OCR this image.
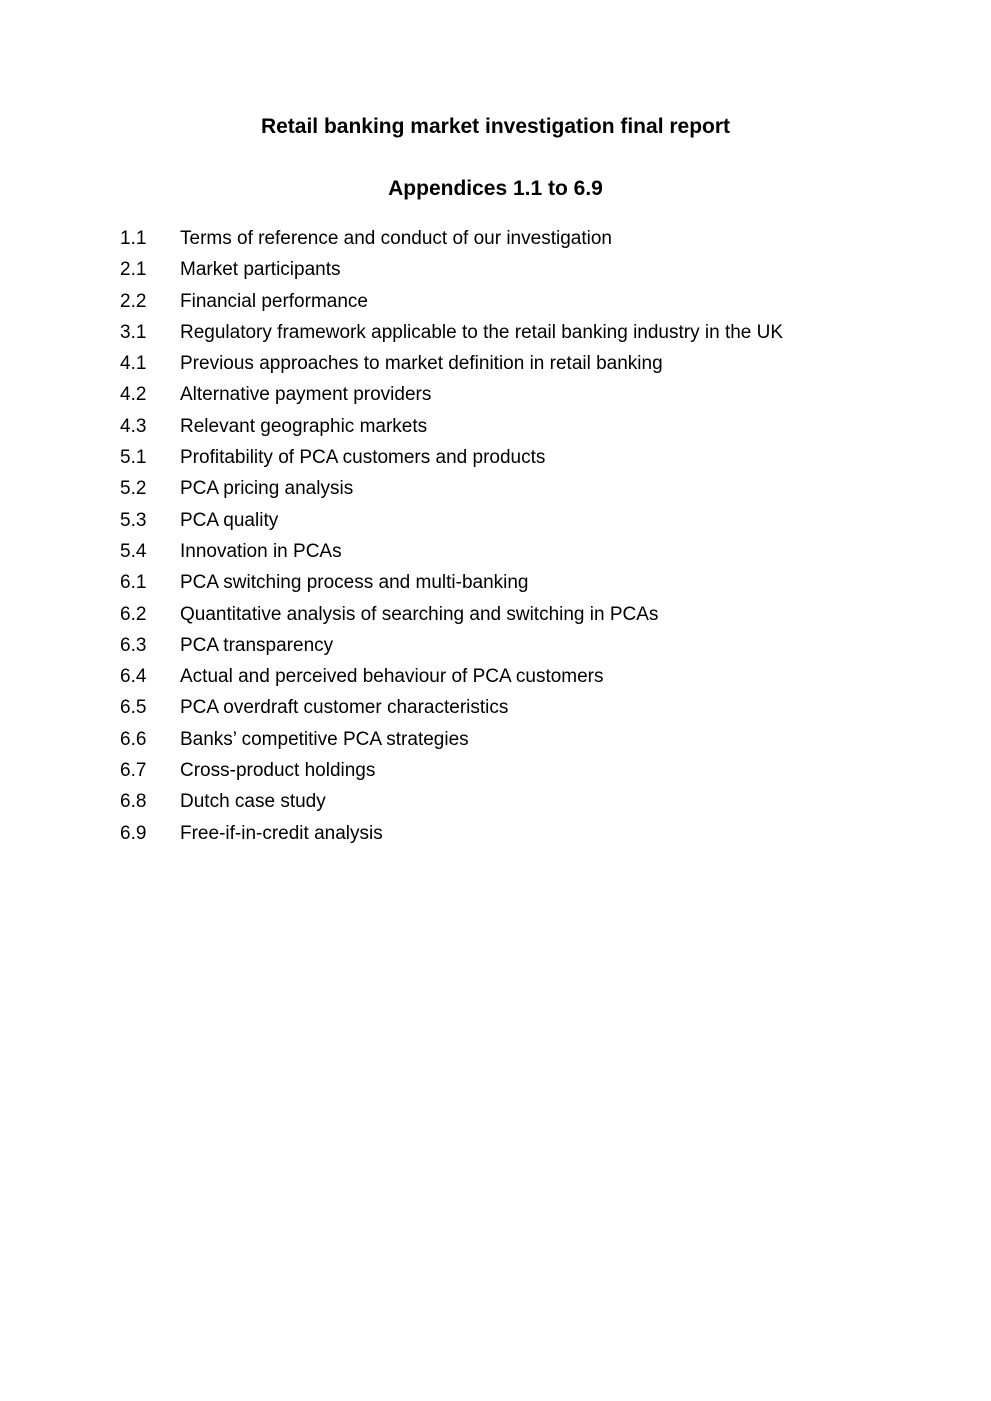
Retail banking market investigation final report
Appendices 1.1 to 6.9
1.1 Terms of reference and conduct of our investigation
2.1 Market participants
2.2 Financial performance
3.1 Regulatory framework applicable to the retail banking industry in the UK
4.1 Previous approaches to market definition in retail banking
4.2 Alternative payment providers
4.3 Relevant geographic markets
5.1 Profitability of PCA customers and products
5.2 PCA pricing analysis
5.3 PCA quality
5.4 Innovation in PCAs
6.1 PCA switching process and multi-banking
6.2 Quantitative analysis of searching and switching in PCAs
6.3 PCA transparency
6.4 Actual and perceived behaviour of PCA customers
6.5 PCA overdraft customer characteristics
6.6 Banks’ competitive PCA strategies
6.7 Cross-product holdings
6.8 Dutch case study
6.9 Free-if-in-credit analysis
